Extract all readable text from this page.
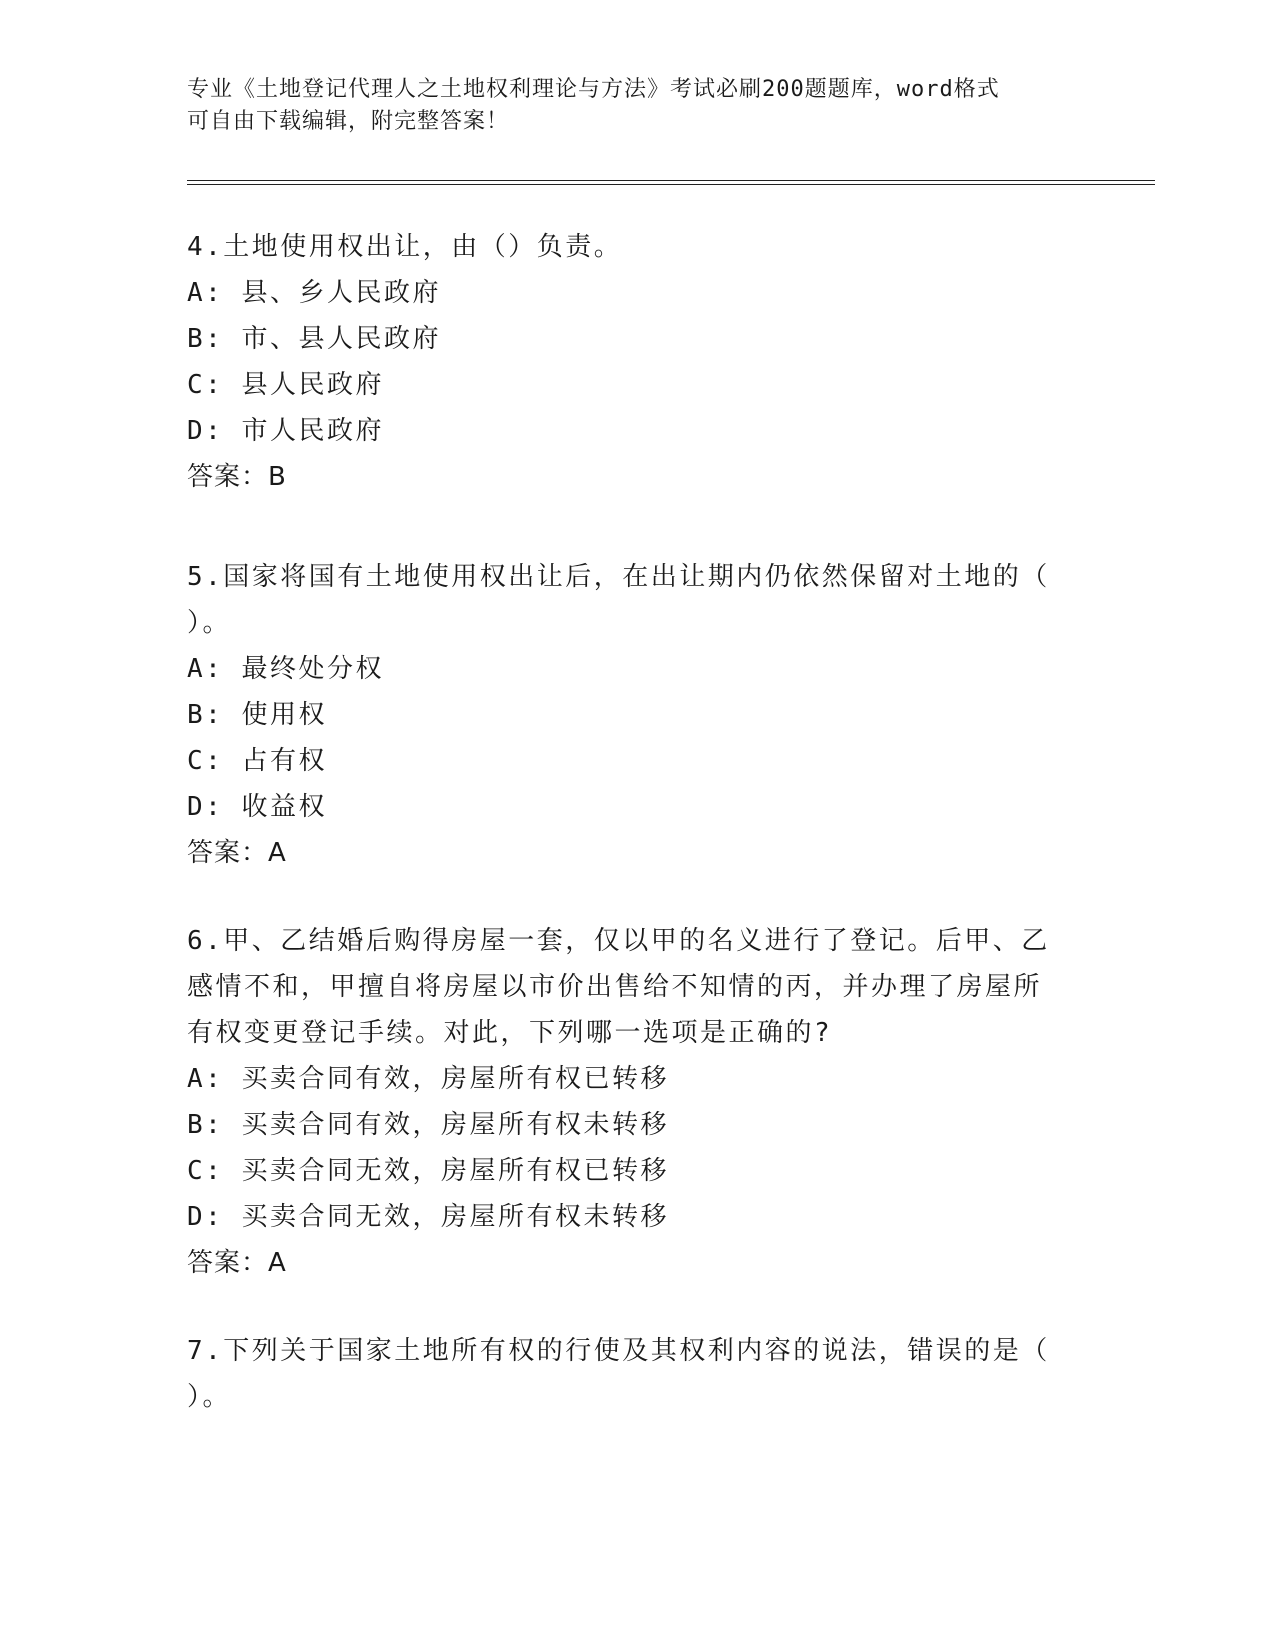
专业《土地登记代理人之土地权利理论与方法》考试必刷200题题库，word格式
可自由下载编辑，附完整答案！
4.土地使用权出让，由（）负责。
A: 县、乡人民政府
B: 市、县人民政府
C: 县人民政府
D: 市人民政府
答案：B
5.国家将国有土地使用权出让后，在出让期内仍依然保留对土地的（
）。
A: 最终处分权
B: 使用权
C: 占有权
D: 收益权
答案：A
6.甲、乙结婚后购得房屋一套，仅以甲的名义进行了登记。后甲、乙
感情不和，甲擅自将房屋以市价出售给不知情的丙，并办理了房屋所
有权变更登记手续。对此，下列哪一选项是正确的?
A: 买卖合同有效，房屋所有权已转移
B: 买卖合同有效，房屋所有权未转移
C: 买卖合同无效，房屋所有权已转移
D: 买卖合同无效，房屋所有权未转移
答案：A
7.下列关于国家土地所有权的行使及其权利内容的说法，错误的是（
）。
